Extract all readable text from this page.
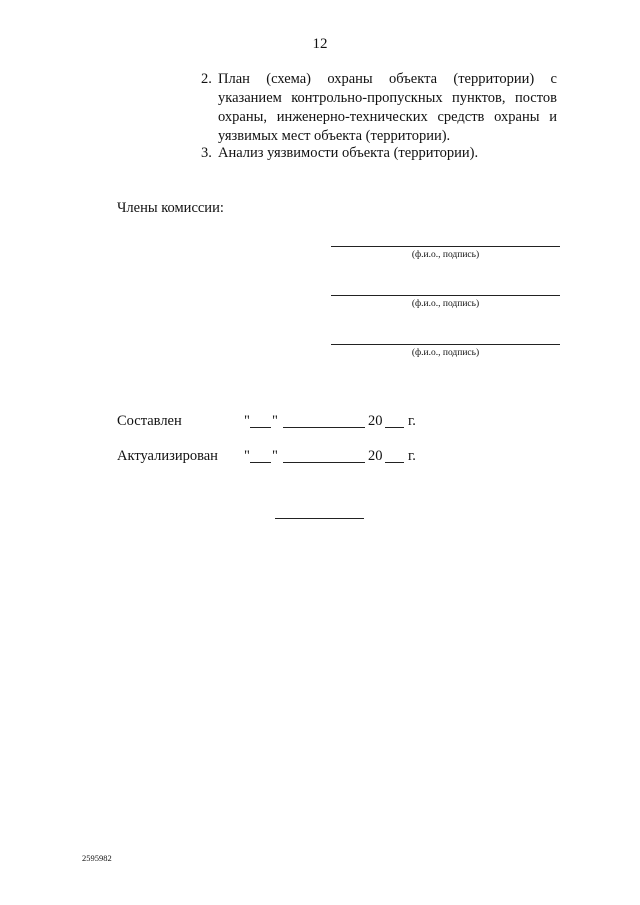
12
2. План (схема) охраны объекта (территории) с указанием контрольно-пропускных пунктов, постов охраны, инженерно-технических средств охраны и уязвимых мест объекта (территории).
3. Анализ уязвимости объекта (территории).
Члены комиссии:
(ф.и.о., подпись)
(ф.и.о., подпись)
(ф.и.о., подпись)
Составлен	" "	20 г.
Актуализирован " "	20 г.
2595982
